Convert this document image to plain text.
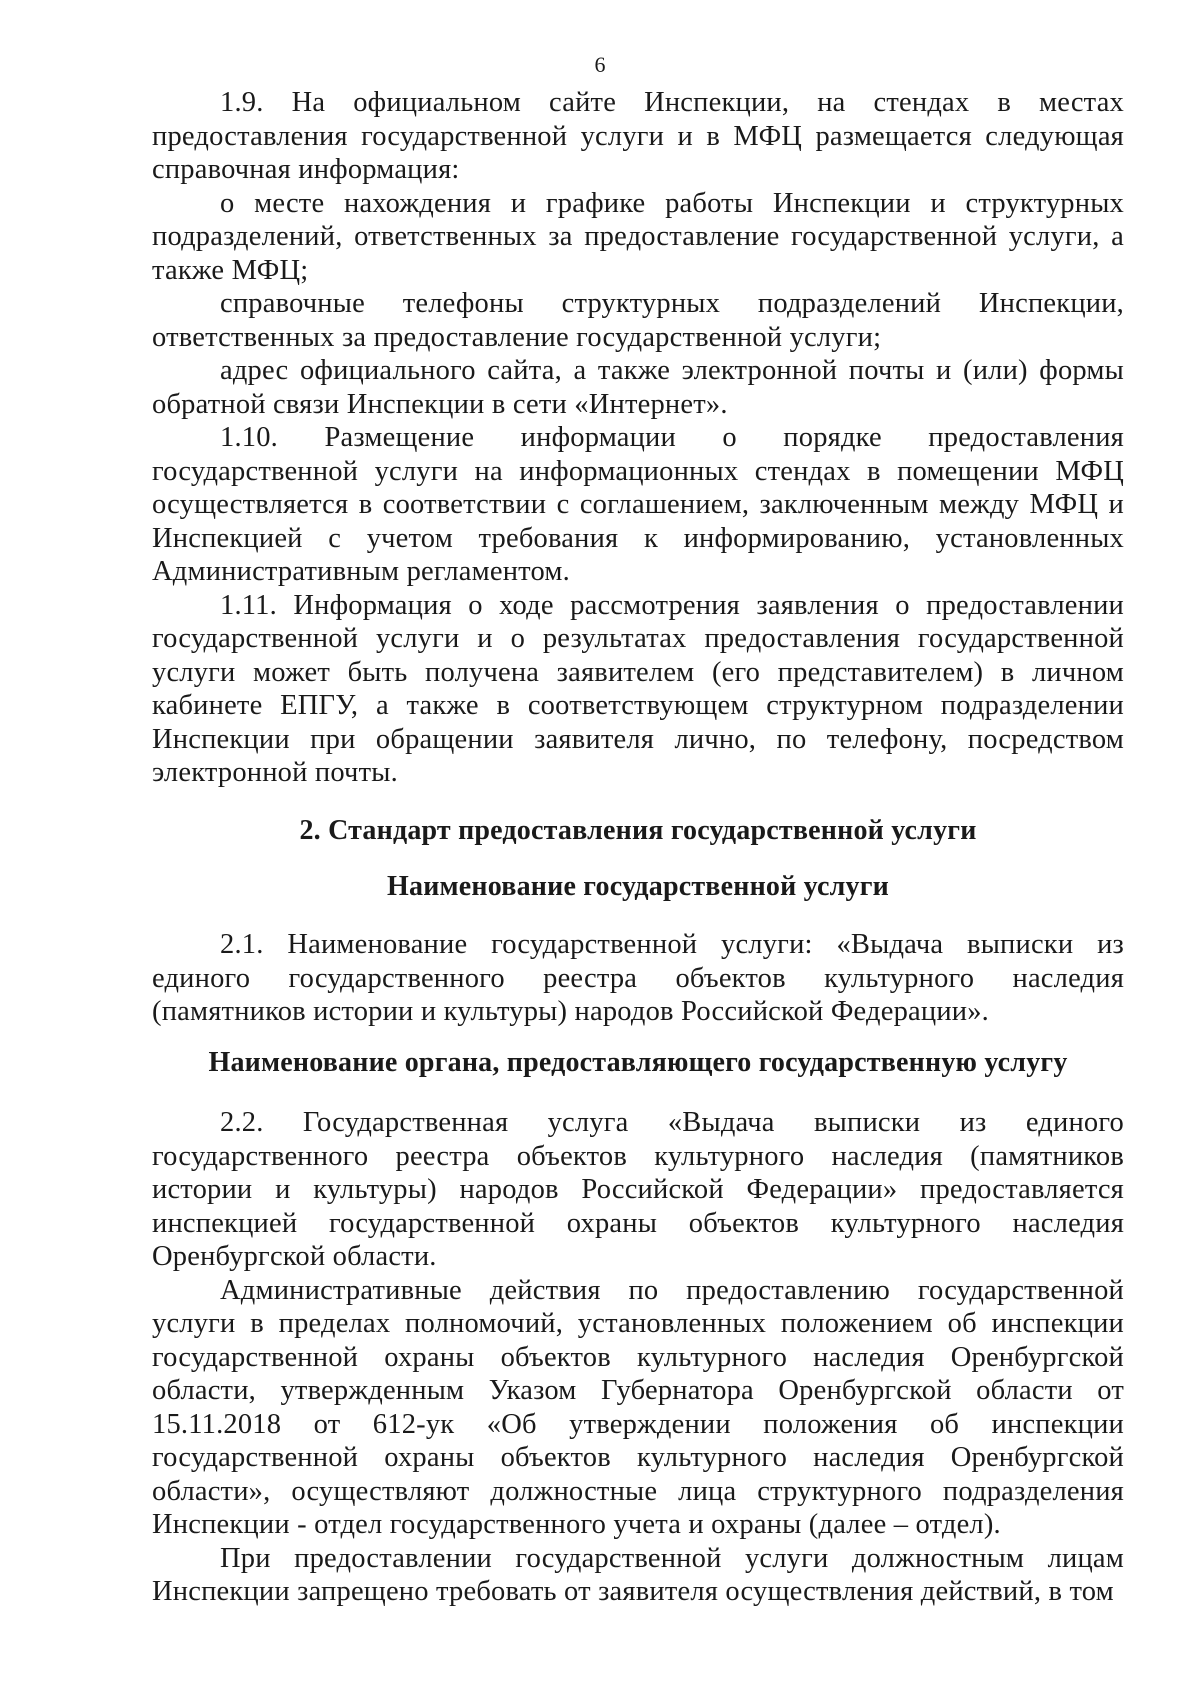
6

1.9. На официальном сайте Инспекции, на стендах в местах предоставления государственной услуги и в МФЦ размещается следующая справочная информация:

о месте нахождения и графике работы Инспекции и структурных подразделений, ответственных за предоставление государственной услуги, а также МФЦ;

справочные телефоны структурных подразделений Инспекции, ответственных за предоставление государственной услуги;

адрес официального сайта, а также электронной почты и (или) формы обратной связи Инспекции в сети «Интернет».

1.10. Размещение информации о порядке предоставления государственной услуги на информационных стендах в помещении МФЦ осуществляется в соответствии с соглашением, заключенным между МФЦ и Инспекцией с учетом требования к информированию, установленных Административным регламентом.

1.11. Информация о ходе рассмотрения заявления о предоставлении государственной услуги и о результатах предоставления государственной услуги может быть получена заявителем (его представителем) в личном кабинете ЕПГУ, а также в соответствующем структурном подразделении Инспекции при обращении заявителя лично, по телефону, посредством электронной почты.

2. Стандарт предоставления государственной услуги

Наименование государственной услуги

2.1. Наименование государственной услуги: «Выдача выписки из единого государственного реестра объектов культурного наследия (памятников истории и культуры) народов Российской Федерации».

Наименование органа, предоставляющего государственную услугу

2.2. Государственная услуга «Выдача выписки из единого государственного реестра объектов культурного наследия (памятников истории и культуры) народов Российской Федерации» предоставляется инспекцией государственной охраны объектов культурного наследия Оренбургской области.

Административные действия по предоставлению государственной услуги в пределах полномочий, установленных положением об инспекции государственной охраны объектов культурного наследия Оренбургской области, утвержденным Указом Губернатора Оренбургской области от 15.11.2018 от 612-ук «Об утверждении положения об инспекции государственной охраны объектов культурного наследия Оренбургской области», осуществляют должностные лица структурного подразделения Инспекции - отдел государственного учета и охраны (далее – отдел).

При предоставлении государственной услуги должностным лицам Инспекции запрещено требовать от заявителя осуществления действий, в том
